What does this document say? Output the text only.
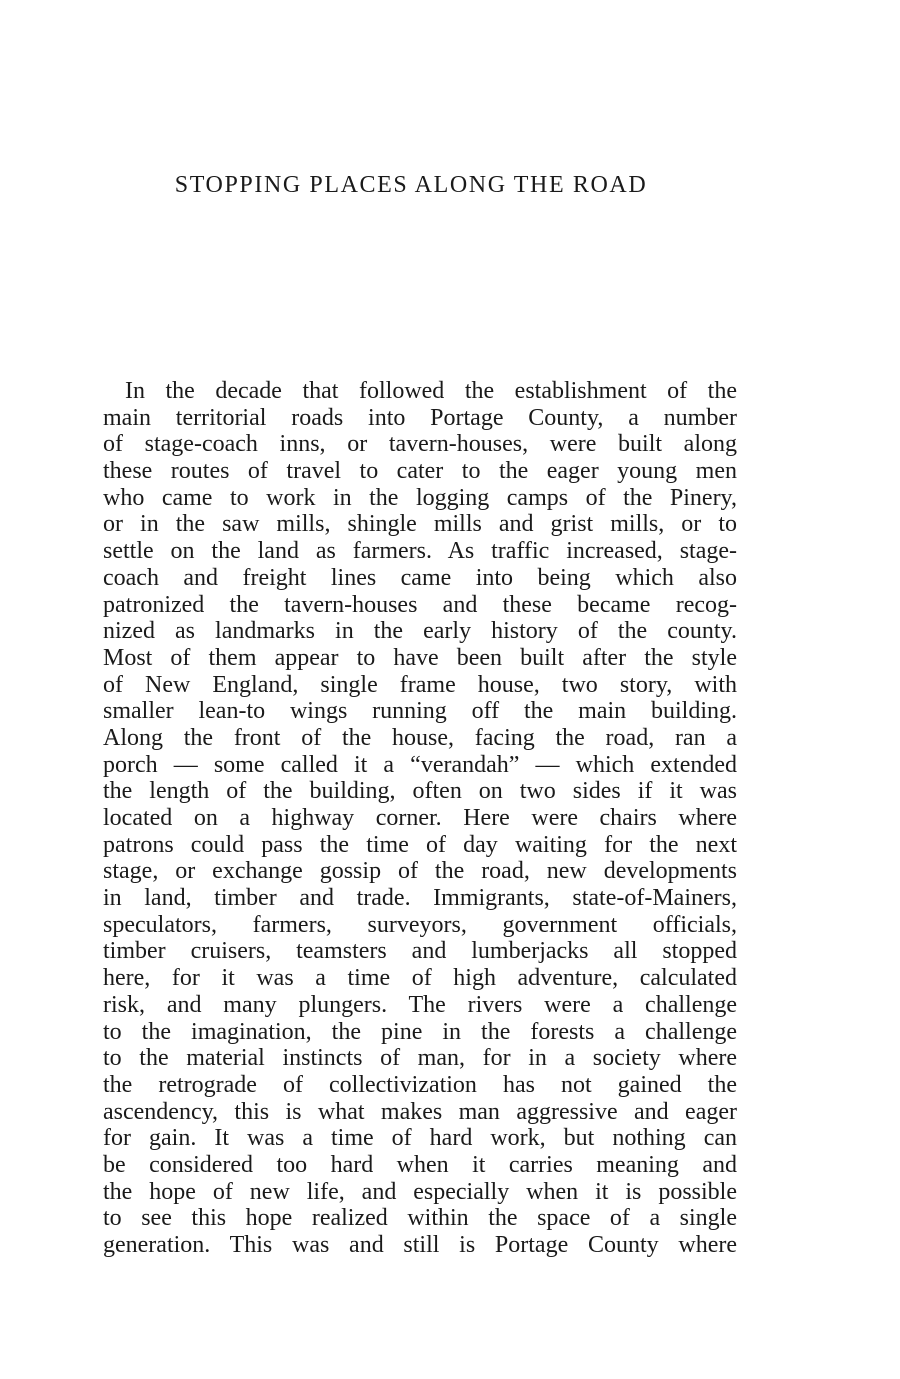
STOPPING PLACES ALONG THE ROAD
In the decade that followed the establishment of the
main territorial roads into Portage County, a number
of stage-coach inns, or tavern-houses, were built along
these routes of travel to cater to the eager young men
who came to work in the logging camps of the Pinery,
or in the saw mills, shingle mills and grist mills, or to
settle on the land as farmers. As traffic increased, stage-
coach and freight lines came into being which also
patronized the tavern-houses and these became recog-
nized as landmarks in the early history of the county.
Most of them appear to have been built after the style
of New England, single frame house, two story, with
smaller lean-to wings running off the main building.
Along the front of the house, facing the road, ran a
porch — some called it a “verandah” — which extended
the length of the building, often on two sides if it was
located on a highway corner. Here were chairs where
patrons could pass the time of day waiting for the next
stage, or exchange gossip of the road, new developments
in land, timber and trade. Immigrants, state-of-Mainers,
speculators, farmers, surveyors, government officials,
timber cruisers, teamsters and lumberjacks all stopped
here, for it was a time of high adventure, calculated
risk, and many plungers. The rivers were a challenge
to the imagination, the pine in the forests a challenge
to the material instincts of man, for in a society where
the retrograde of collectivization has not gained the
ascendency, this is what makes man aggressive and eager
for gain. It was a time of hard work, but nothing can
be considered too hard when it carries meaning and
the hope of new life, and especially when it is possible
to see this hope realized within the space of a single
generation. This was and still is Portage County where
